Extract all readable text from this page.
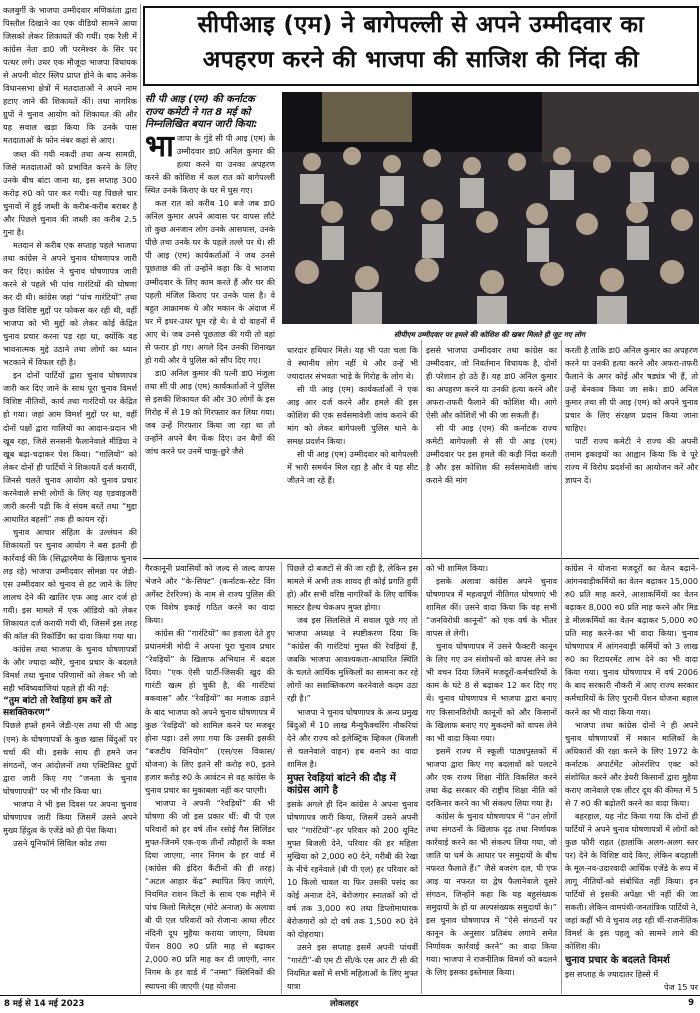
सीपीआइ (एम) ने बागेपल्ली से अपने उम्मीदवार का
अपहरण करने की भाजपा की साजिश की निंदा की

कलबुर्गी के भाजपा उम्मीदवार मणिकांता द्वारा पिस्तौल दिखाने का एक वीडियो सामने आया जिसको लेकर शिकायतें की गयीं। एक रैली में कांग्रेस नेता डा0 जी परमेश्वर के सिर पर पत्थर लगे। उधर एक मौजूदा भाजपा विधायक से अपनी वोटर स्लिप प्राप्त होने के बाद अनेक विधानसभा क्षेत्रों में मतदाताओं ने अपने नाम हटाए जाने की शिकायतें कीं। तथा नागरिक ग्रुपों ने चुनाव आयोग को शिकायत की और यह सवाल खड़ा किया कि उनके पास मतदाताओं के फोन नंबर कहां से आए।
जब्त की गयी नकदी तथा अन्य सामग्री, जिसे मतदाताओं को प्रभावित करने के लिए उनके बीच बांटा जाना था, इस सप्ताह 300 करोड़ रु0 को पार कर गयी। यह पिछले चार चुनावों में हुई जब्ती के करीब-करीब बराबर है और पिछले चुनाव की जब्ती का करीब 2.5 गुना है।
मतदान से करीब एक सप्ताह पहले भाजपा तथा कांग्रेस ने अपने चुनाव घोषणापत्र जारी कर दिए। कांग्रेस ने चुनाव घोषणापत्र जारी करने से पहले भी पांच गारंटियों की घोषणा कर दी थी। कांग्रेस जहां “पांच गारंटियों” तथा कुछ विशिष्ट मुद्दों पर फोकस कर रही थी, वहीं भाजपा को भी मुद्दों को लेकर कोई केंद्रित चुनाव प्रचार करना पड़ रहा था, क्योंकि वह भावनात्मक मुद्दे उठाने तथा लोगों का ध्यान भटकाने में विफल रही है।
इन दोनों पार्टियों द्वारा चुनाव घोषणापत्र जारी कर दिए जाने के साथ पूरा चुनाव विमर्श विशिष्ट नीतियों, कार्य तथा गारंटियों पर केंद्रित हो गया। जहां आम विमर्श मुद्दों पर था, वहीं दोनों पक्षों द्वारा गालियों का आदान-प्रदान भी खूब रहा, जिसे सनसनी फैलानेवाले मीडिया ने खूब बढ़ा-चढ़ाकर पेश किया। “गालियों” को लेकर दोनों ही पार्टियों ने शिकायतें दर्ज करायीं, जिनसे चलते चुनाव आयोग को चुनाव प्रचार करनेवाले सभी लोगों के लिए यह एडवाइजरी जारी करनी पड़ी कि वे संयम बरतें तथा “मुद्दा आधारित बहसों” तक ही कायम रहें।
चुनाव आचार संहिता के उल्लंघन की शिकायतों पर चुनाव आयोग ने बस इतनी ही कार्रवाई की कि (सिद्धारमैया के खिलाफ चुनाव लड़ रहे) भाजपा उम्मीदवार सोमन्ना पर जेडी-एस उम्मीदवार को चुनाव से हट जाने के लिए लालच देने की खातिर एफ आइ आर दर्ज हो गयी। इस मामले में एक ऑडियो को लेकर शिकायत दर्ज करायी गयी थी, जिसमें इस तरह की कॉल की रिकॉर्डिंग का दावा किया गया था।
कांग्रेस तथा भाजपा के चुनाव घोषणापत्रों के और ज्यादा ब्यौरे, चुनाव प्रचार के बदलते विमर्श तथा चुनाव परिणामों को लेकर भी जो सही भविष्यवाणियां पहले ही की गई:

“तुम बांटो तो रेवड़ियां हम करें तो सशक्तिकरण”

पिछले हफ्ते हमने जेडी-एस तथा सी पी आइ (एम) के घोषणापत्रों के कुछ खास बिंदुओं पर चर्चा की थी। इसके साथ ही हमने जन संगठनों, जन आंदोलनों तथा एक्टिविस्ट ग्रुपों द्वारा जारी किए गए “जनता के चुनाव घोषणापत्रों” पर भी गौर किया था।
भाजपा ने भी इस दिवस पर अपना चुनाव घोषणापत्र जारी किया जिसमें उसने अपने मुख्य हिंदुत्व के एजेंडे को ही पेश किया।
उसने यूनिफॉर्म सिविल कोड तथा

सी पी आइ (एम) की कर्नाटक राज्य कमेटी ने गत 8 मई को निम्नलिखित बयान जारी किया:
भा जापा के गुंडे सी पी आइ (एम) के उम्मीदवार डा0 अनिल कुमार की हत्या करने या उनका अपहरण करने की कोशिश में कल रात को बागेपल्ली स्थित उनके किराए के घर में घुस गए।
कल रात को करीब 10 बजे जब डा0 अनिल कुमार अपने आवास पर वापस लौटे तो कुछ अनजान लोग उनके आसपास, उनके पीछे तथा उनके घर के पहले तल्ले पर थे। सी पी आइ (एम) कार्यकर्ताओं ने जब उनसे पूछताछ की तो उन्होंने कहा कि वे भाजपा उम्मीदवार के लिए काम करते हैं और घर की पहली मंजिल किराए पर उनके पास है। वे बहुत आक्रामक थे और मकान के अंदाज में घर में इधर-उधर घूम रहे थे। वे दो वाहनों में आए थे। जब उनसे पूछताछ की गयी तो वहां से फरार हो गए। अगले दिन उनकी शिनाख्त हो गयी और वे पुलिस को सौंप दिए गए।
डा0 अनिल कुमार की पत्नी डा0 मंजुला तथा सी पी आइ (एम) कार्यकर्ताओं ने पुलिस से इसकी शिकायत की और 30 लोगों के इस गिरोह में से 19 को गिरफ्तार कर लिया गया। जब उन्हें गिरफ्तार किया जा रहा था तो उन्होंने अपने बैग फेंक दिए। उन बैगों की जांच करने पर उनमें चाकू-छुरे जैसे

सीपीएम उम्मीदवार पर हमले की कोशिश की खबर मिलते ही जुट गए लोग

धारदार हथियार मिले। यह भी पता चला कि वे स्थानीय लोग नहीं थे और उन्हें भी ज्यादातर संभवतः भाड़े के गिरोह के लोग थे।
सी पी आइ (एम) कार्यकर्ताओं ने एक आइ आर दर्ज करने और हमले की इस कोशिश की एक सर्वसमावेशी जांच कराने की मांग को लेकर बागेपल्ली पुलिस थाने के समक्ष प्रदर्शन किया।
सी पी आइ (एम) उम्मीदवार को बागेपल्ली में भारी समर्थन मिल रहा है और वे यह सीट जीतने जा रहे हैं।

इससे भाजपा उम्मीदवार तथा कांग्रेस का उम्मीदवार, जो निवर्तमान विधायक है, दोनों ही परेशान हो उठे हैं। यह डा0 अनिल कुमार का अपहरण करने या उनकी हत्या करने और अफरा-तफरी फैलाने की कोशिश थी। आगे ऐसी और कोशिशें भी की जा सकती हैं।
सी पी आइ (एम) की कर्नाटक राज्य कमेटी बागेपल्ली से सी पी आइ (एम) उम्मीदवार पर इस हमले की कड़ी निंदा करती है और इस कोशिश की सर्वसमावेशी जांच कराने की मांग

करती है ताकि डा0 अनिल कुमार का अपहरण करने या उनकी हत्या करने और अफरा-तफरी फैलाने के अगर कोई और षड्यंत्र भी हैं, तो उन्हें बेनकाब किया जा सके। डा0 अनिल कुमार तथा सी पी आइ (एम) को अपने चुनाव प्रचार के लिए संरक्षण प्रदान किया जाना चाहिए।
पार्टी राज्य कमेटी ने राज्य की अपनी तमाम इकाइयों का आह्वान किया कि वे पूरे राज्य में विरोध प्रदर्शनों का आयोजन करें और ज्ञापन दें।

गैरकानूनी प्रवासियों को जल्द से जल्द वापस भेजने और “के-सिफ्ट” (कर्नाटक-स्टेट विंग अगेंस्ट टेररिज्म) के नाम से राज्य पुलिस की एक विशेष इकाई गठित करने का वादा किया।
कांग्रेस की “गारंटियों” का हवाला देते हुए प्रधानमंत्री मोदी ने अपना पूरा चुनाव प्रचार “रेवड़ियों” के खिलाफ अभियान में बदल दिया। “एक ऐसी पार्टी-जिसकी खुद की गारंटी खत्म हो चुकी है, की गारंटियां बकवास” और “रेवड़ियों” का मजाक उड़ाने के बाद भाजपा को अपने चुनाव घोषणापत्र में कुछ ‘रेवड़ियों’ को शामिल करने पर मजबूर होना पड़ा। उसे लगा गया कि उसकी इसकी “बजटीय विनियोग” (एस/एस विकास/ योजना) के लिए इतने सी करोड़ रु0, इतने हजार करोड़ रु0 के आवंटन से वह कांग्रेस के चुनाव प्रचार का मुकाबला नहीं कर पाएगी।
भाजपा ने अपनी “रेवड़ियों” की भी घोषणा की जो इस प्रकार थीं: बी पी एल परिवारों को हर वर्ष तीन रसोई गैस सिलिंडर मुफ्त-जिनमें एक-एक तीनों त्यौहारों के वक्त दिया जाएगा, नगर निगम के हर वार्ड में (कांग्रेस की इंदिरा कैंटीनों की ही तरह) “अटल आहार केंद्र” स्थापित किए जाएंगे, नियमित राशन किटों के साथ एक महीने में पांच किलो मिलेट्स (मोटे अनाज) के अलावा बी पी एल परिवारों को रोजाना आधा लीटर नंदिनी दूध मुहैया कराया जाएगा, विधवा पेंशन 800 रु0 प्रति माह से बढ़ाकर 2,000 रु0 प्रति माह कर दी जाएगी, नगर निगम के हर वार्ड में “नम्मा” क्लिनिकों की स्थापना की जाएगी (यह योजना

पिछले दो बजटों से की जा रही है, लेकिन इस मामले में अभी तक शायद ही कोई प्रगति हुयी हो) और सभी वरिष्ठ नागरिकों के लिए वार्षिक मास्टर हैल्थ चेकअप मुफ्त होगा।
जब इस सिलसिले में सवाल पूछे गए तो भाजपा अध्यक्ष ने स्पष्टीकरण दिया कि “कांग्रेस की गारंटियां मुफ्त की रेवड़ियां हैं, जबकि भाजपा आवश्यकता-आधारित स्थिति के चलते आर्थिक मुश्किलों का सामना कर रहे लोगों का सशक्तिकरण करनेवाले कदम उठा रही है।”
भाजपा ने चुनाव घोषणापत्र के अन्य प्रमुख बिंदुओं में 10 लाख मैन्युफैक्चरिंग नौकरियां देने और राज्य को इलेक्ट्रिक व्हिकल (बिजली से चलनेवाले वाहन) हब बनाने का वादा शामिल है।

मुफ्त रेवड़ियां बांटने की दौड़ में कांग्रेस आगे है

इसके अगले ही दिन कांग्रेस ने अपना चुनाव घोषणापत्र जारी किया, जिसमें उसने अपनी चार “गारंटियों”-हर परिवार को 200 यूनिट मुफ्त बिजली देने, परिवार की हर महिला मुखिया को 2,000 रु0 देने, गरीबी की रेखा के नीचे रहनेवाले (बी पी एल) हर परिवार को 10 किलो चावल या फिर उसकी पसंद का कोई अनाज देने, बेरोजगार स्नातकों को दो वर्ष तक 3,000 रु0 तथा डिप्लोमाधारक बेरोजगारों को दो वर्ष तक 1,500 रु0 देने को दोहराया।
उसने इस सप्ताह इसमें अपनी पांचवीं “गारंटी”-बी एम टी सी/के एस आर टी सी की नियमित बसों में सभी महिलाओं के लिए मुफ्त यात्रा

को भी शामिल किया।
इसके अलावा कांग्रेस अपने चुनाव घोषणापत्र में महत्वपूर्ण नीतिगत घोषणाएं भी शामिल कीं। उसने वादा किया कि वह सभी “जनविरोधी कानूनों” को एक वर्ष के भीतर वापस ले लेगी।
चुनाव घोषणापत्र में उसने फैक्टरी कानून के लिए गए उन संशोधनों को वापस लेने का भी वचन दिया जिनमें मजदूरों-कर्मचारियों के काम के घंटे 8 से बढ़ाकर 12 कर दिए गए थे। चुनाव घोषणापत्र में भाजपा द्वारा बनाए गए किसानविरोधी कानूनों को और किसानों के खिलाफ बनाए गए मुकदमों को वापस लेने का भी वादा किया गया।
इसमें राज्य में स्कूली पाठ्यपुस्तकों में भाजपा द्वारा किए गए बदलावों को पलटने और एक राज्य शिक्षा नीति विकसित करने तथा केंद्र सरकार की राष्ट्रीय शिक्षा नीति को दरकिनार करने का भी संकल्प लिया गया है।
कांग्रेस के चुनाव घोषणापत्र में “उन लोगों तथा संगठनों के खिलाफ दृढ़ तथा निर्णायक कार्रवाई करने का भी संकल्प लिया गया, जो जाति या धर्म के आधार पर समुदायों के बीच नफरत फैलाते हैं।” जैसे बजरंग दल, पी एफ आइ या नफरत या द्वेष फैलानेवाले दूसरे संगठन, जिन्होंने कहा कि यह बहुसंख्यक समुदायों के हों या अल्पसंख्यक समुदायों के।” इस चुनाव घोषणापत्र में “ऐसे संगठनों पर कानून के अनुसार प्रतिबंध लगाने समेत निर्णायक कार्रवाई करने” का वादा किया गया। भाजपा ने राजनीतिक विमर्श को बदलने के लिए इसका इस्तेमाल किया।

कांग्रेस ने योजना मजदूरों का वेतन बढ़ाने-आंगनवाड़ीकर्मियों का वेतन बढ़ाकर 15,000 रु0 प्रति माह करने, आशाकर्मियों का वेतन बढ़ाकर 8,000 रु0 प्रति माह करने और मिड डे मीलकर्मियों का वेतन बढ़ाकर 5,000 रु0 प्रति माह करने-का भी वादा किया। चुनाव घोषणापत्र में आंगनवाड़ी कर्मियों को 3 लाख रु0 का रिटायरमेंट लाभ देने का भी वादा किया गया। चुनाव घोषणापत्र में वर्ष 2006 के बाद सरकारी नौकरी में आए राज्य सरकार कर्मचारियों के लिए पुरानी पेंशन योजना बहाल करने का भी वादा किया गया।
भाजपा तथा कांग्रेस दोनों ने ही अपने चुनाव घोषणापत्रों में मकान मालिकों के अधिकारों की रक्षा करने के लिए 1972 के कर्नाटक अपार्टमेंट ओनरशिप एक्ट को संशोधित करने और डेयरी किसानों द्वारा मुहैया कराए जानेवाले एक लीटर दूध की कीमत में 5 से 7 रु0 की बढ़ोतरी करने का वादा किया।
बहरहाल, यह नोट किया गया कि दोनों ही पार्टियों ने अपने चुनाव घोषणापत्रों में लोगों को कुछ फौरी राहत (हालांकि अलग-अलग स्तर पर) देने के विशिष्ट वादे किए, लेकिन बदहाली के मूल-नव-उदारवादी आर्थिक एजेंडे के रूप में लागू नीतियों-को संबोधित नहीं किया। इन पार्टियों से इसकी अपेक्षा भी नहीं की जा सकती। लेकिन वामपंथी-जनतांत्रिक पार्टियों ने, जहां कहीं भी वे चुनाव लड़ रही थीं-राजनीतिक विमर्श के इस पहलू को सामने लाने की कोशिश की।

चुनाव प्रचार के बदलते विमर्श

इस सप्ताह के ज्यादातर हिस्से में

पेज 15 पर

8 मई से 14 मई 2023	लोकलहर	9
